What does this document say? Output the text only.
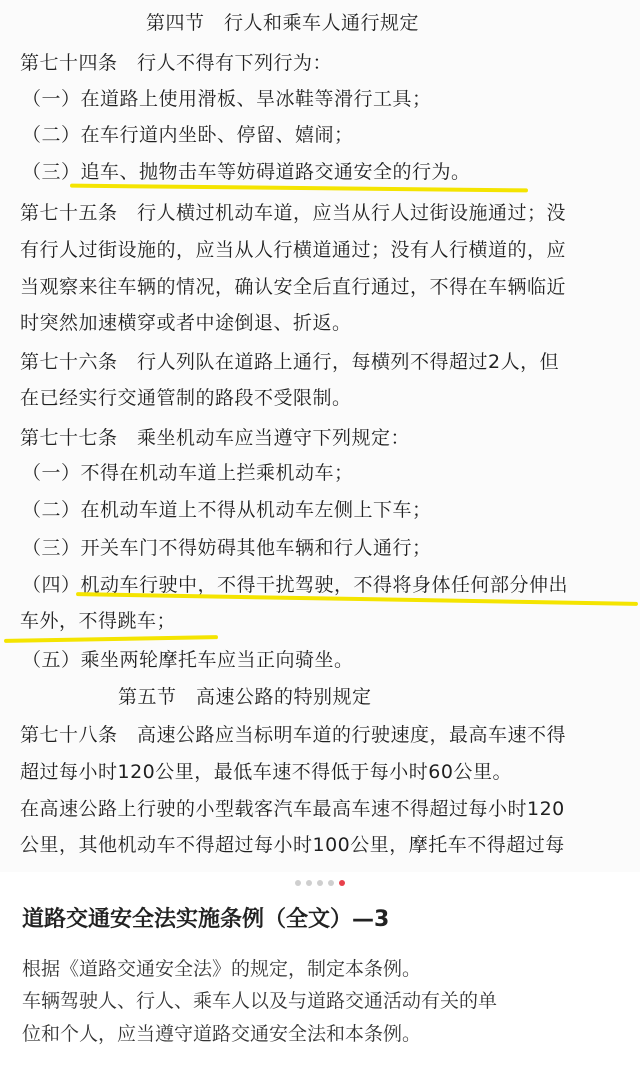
第四节　行人和乘车人通行规定
第七十四条　行人不得有下列行为：
（一）在道路上使用滑板、旱冰鞋等滑行工具；
（二）在车行道内坐卧、停留、嬉闹；
（三）追车、抛物击车等妨碍道路交通安全的行为。
第七十五条　行人横过机动车道，应当从行人过街设施通过；没
有行人过街设施的，应当从人行横道通过；没有人行横道的，应
当观察来往车辆的情况，确认安全后直行通过，不得在车辆临近
时突然加速横穿或者中途倒退、折返。
第七十六条　行人列队在道路上通行，每横列不得超过2人，但
在已经实行交通管制的路段不受限制。
第七十七条　乘坐机动车应当遵守下列规定：
（一）不得在机动车道上拦乘机动车；
（二）在机动车道上不得从机动车左侧上下车；
（三）开关车门不得妨碍其他车辆和行人通行；
（四）机动车行驶中，不得干扰驾驶，不得将身体任何部分伸出
车外，不得跳车；
（五）乘坐两轮摩托车应当正向骑坐。
第五节　高速公路的特别规定
第七十八条　高速公路应当标明车道的行驶速度，最高车速不得
超过每小时120公里，最低车速不得低于每小时60公里。
在高速公路上行驶的小型载客汽车最高车速不得超过每小时120
公里，其他机动车不得超过每小时100公里，摩托车不得超过每
道路交通安全法实施条例（全文）—3
根据《道路交通安全法》的规定，制定本条例。
车辆驾驶人、行人、乘车人以及与道路交通活动有关的单
位和个人，应当遵守道路交通安全法和本条例。
